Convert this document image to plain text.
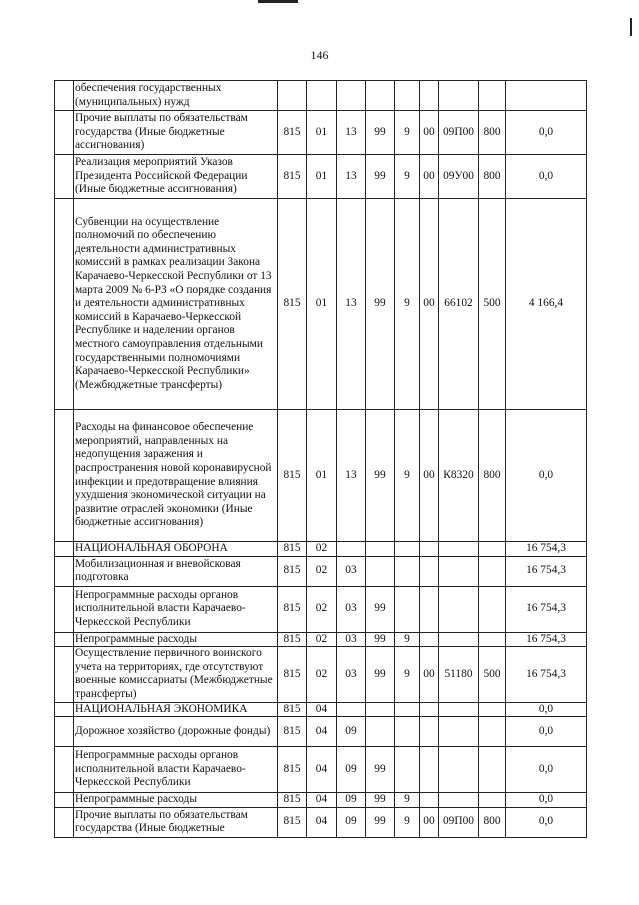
146
	обеспечения государственных (муниципальных) нужд									
	Прочие выплаты по обязательствам государства (Иные бюджетные ассигнования)	815	01	13	99	9	00	09П00	800	0,0
	Реализация мероприятий Указов Президента Российской Федерации (Иные бюджетные ассигнования)	815	01	13	99	9	00	09У00	800	0,0
	Субвенции на осуществление полномочий по обеспечению деятельности административных комиссий в рамках реализации Закона Карачаево-Черкесской Республики от 13 марта 2009 № 6-РЗ «О порядке создания и деятельности административных комиссий в Карачаево-Черкесской Республике и наделении органов местного самоуправления отдельными государственными полномочиями Карачаево-Черкесской Республики» (Межбюджетные трансферты)	815	01	13	99	9	00	66102	500	4 166,4
	Расходы на финансовое обеспечение мероприятий, направленных на недопущения заражения и распространения новой коронавирусной инфекции и предотвращение влияния ухудшения экономической ситуации на развитие отраслей экономики (Иные бюджетные ассигнования)	815	01	13	99	9	00	К8320	800	0,0
	НАЦИОНАЛЬНАЯ ОБОРОНА	815	02							16 754,3
	Мобилизационная и вневойсковая подготовка	815	02	03						16 754,3
	Непрограммные расходы органов исполнительной власти Карачаево-Черкесской Республики	815	02	03	99					16 754,3
	Непрограммные расходы	815	02	03	99	9				16 754,3
	Осуществление первичного воинского учета на территориях, где отсутствуют военные комиссариаты (Межбюджетные трансферты)	815	02	03	99	9	00	51180	500	16 754,3
	НАЦИОНАЛЬНАЯ ЭКОНОМИКА	815	04							0,0
	Дорожное хозяйство (дорожные фонды)	815	04	09						0,0
	Непрограммные расходы органов исполнительной власти Карачаево-Черкесской Республики	815	04	09	99					0,0
	Непрограммные расходы	815	04	09	99	9				0,0
	Прочие выплаты по обязательствам государства (Иные бюджетные	815	04	09	99	9	00	09П00	800	0,0
